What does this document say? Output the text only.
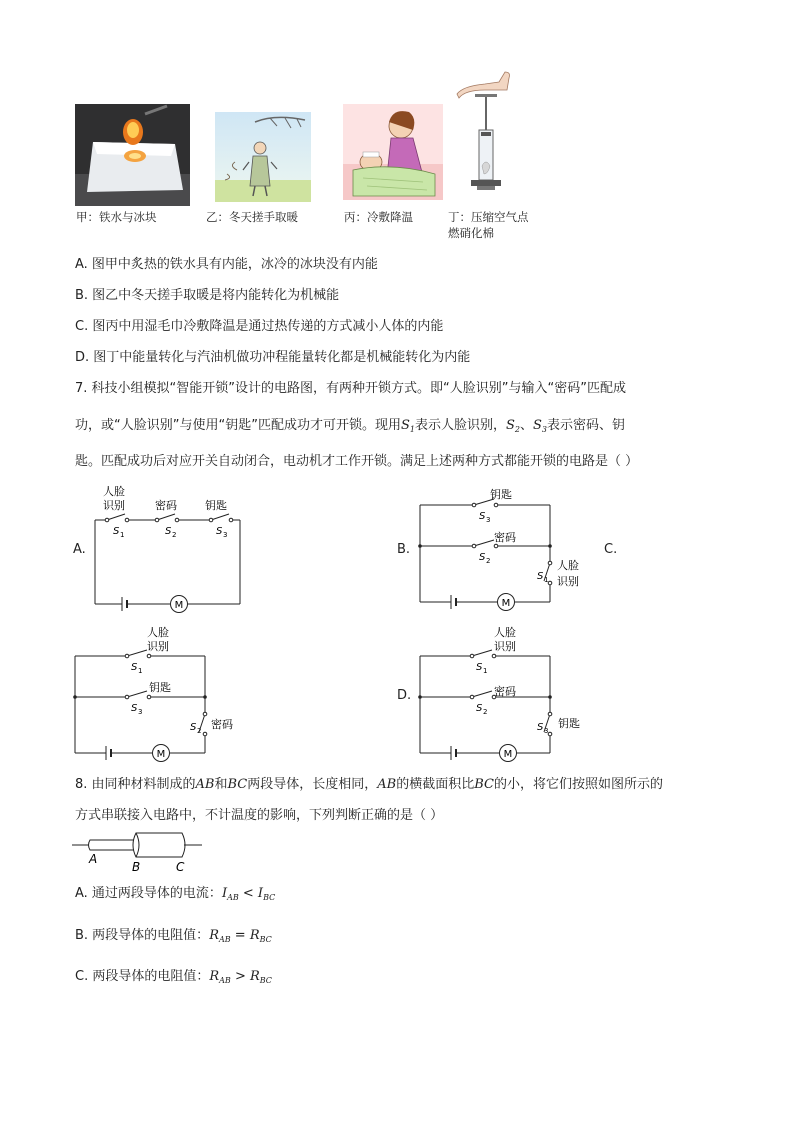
甲：铁水与冰块	乙：冬天搓手取暖	丙：冷敷降温	丁：压缩空气点
燃硝化棉
A. 图甲中炙热的铁水具有内能，冰冷的冰块没有内能
B. 图乙中冬天搓手取暖是将内能转化为机械能
C. 图丙中用湿毛巾冷敷降温是通过热传递的方式减小人体的内能
D. 图丁中能量转化与汽油机做功冲程能量转化都是机械能转化为内能
7. 科技小组模拟“智能开锁”设计的电路图，有两种开锁方式。即“人脸识别”与输入“密码”匹配成
功，或“人脸识别”与使用“钥匙”匹配成功才可开锁。现用$S_1$表示人脸识别，$S_2$、$S_3$表示密码、钥
匙。匹配成功后对应开关自动闭合，电动机才工作开锁。满足上述两种方式都能开锁的电路是（ ）
A.	B.	C.
D.
M
人脸
识别	密码	钥匙
S 1	S 2	S 3
M
钥匙
S 3
密码
S 2	人脸
识别
S 1
M
人脸
识别
S 1
钥匙
S 3
密码
S 2
M
人脸
识别
S 1
密码
S 2
钥匙
S 3
8. 由同种材料制成的AB和BC两段导体，长度相同，AB的横截面积比BC的小，将它们按照如图所示的
方式串联接入电路中，不计温度的影响，下列判断正确的是（ ）
A
B	C
A. 通过两段导体的电流：$I_{AB} < I_{BC}$
B. 两段导体的电阻值：$R_{AB} = R_{BC}$
C. 两段导体的电阻值：$R_{AB} > R_{BC}$
